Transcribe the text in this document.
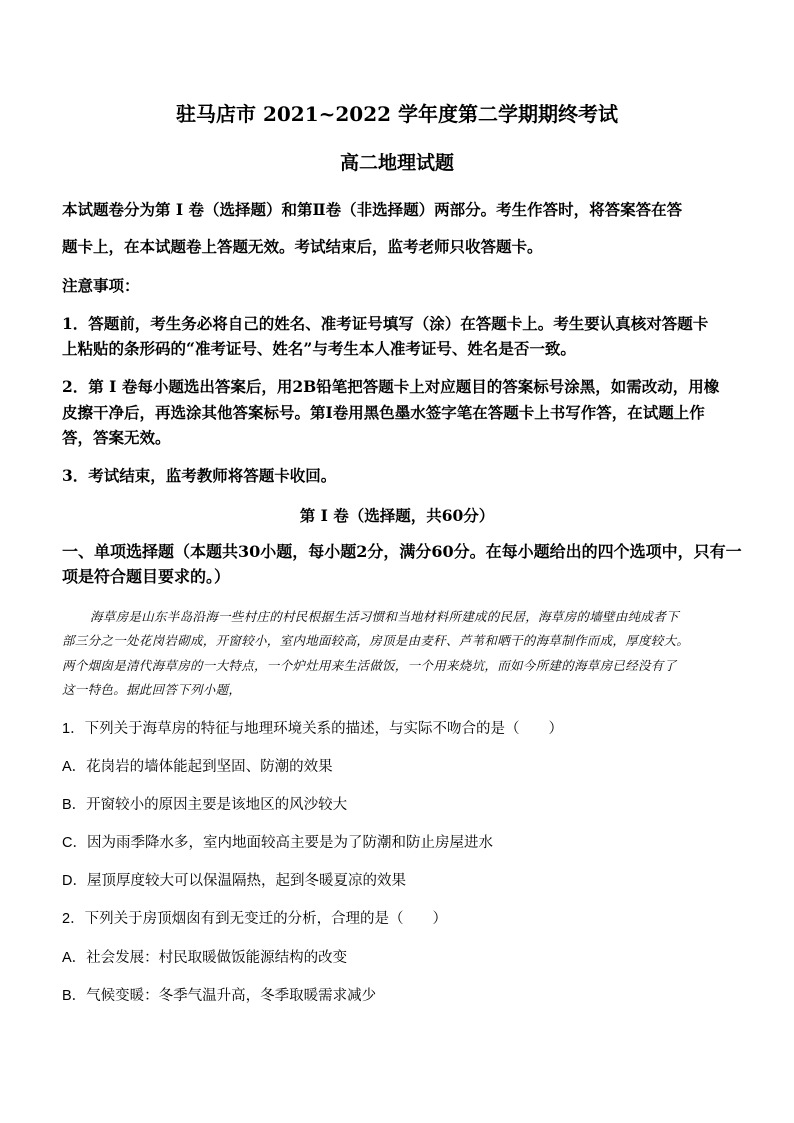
驻马店市 2021~2022 学年度第二学期期终考试
高二地理试题
本试题卷分为第 I 卷（选择题）和第Ⅱ卷（非选择题）两部分。考生作答时，将答案答在答
题卡上，在本试题卷上答题无效。考试结束后，监考老师只收答题卡。
注意事项：
1．答题前，考生务必将自己的姓名、准考证号填写（涂）在答题卡上。考生要认真核对答题卡
上粘贴的条形码的“准考证号、姓名”与考生本人准考证号、姓名是否一致。
2．第 I 卷每小题选出答案后，用2B铅笔把答题卡上对应题目的答案标号涂黑，如需改动，用橡
皮擦干净后，再选涂其他答案标号。第I卷用黑色墨水签字笔在答题卡上书写作答，在试题上作
答，答案无效。
3．考试结束，监考教师将答题卡收回。
第 I 卷（选择题，共60分）
一、单项选择题（本题共30小题，每小题2分，满分60分。在每小题给出的四个选项中，只有一
项是符合题目要求的。）
海草房是山东半岛沿海一些村庄的村民根据生活习惯和当地材料所建成的民居，海草房的墙壁由纯成者下
部三分之一处花岗岩砌成，开窗较小，室内地面较高，房顶是由麦秆、芦苇和晒干的海草制作而成，厚度较大。
两个烟囱是清代海草房的一大特点，一个炉灶用来生活做饭，一个用来烧坑，而如今所建的海草房已经没有了
这一特色。据此回答下列小题，
1．下列关于海草房的特征与地理环境关系的描述，与实际不吻合的是（　　）
A．花岗岩的墙体能起到坚固、防潮的效果
B．开窗较小的原因主要是该地区的风沙较大
C．因为雨季降水多，室内地面较高主要是为了防潮和防止房屋进水
D．屋顶厚度较大可以保温隔热，起到冬暖夏凉的效果
2．下列关于房顶烟囱有到无变迁的分析，合理的是（　　）
A．社会发展：村民取暖做饭能源结构的改变
B．气候变暖：冬季气温升高，冬季取暖需求减少
